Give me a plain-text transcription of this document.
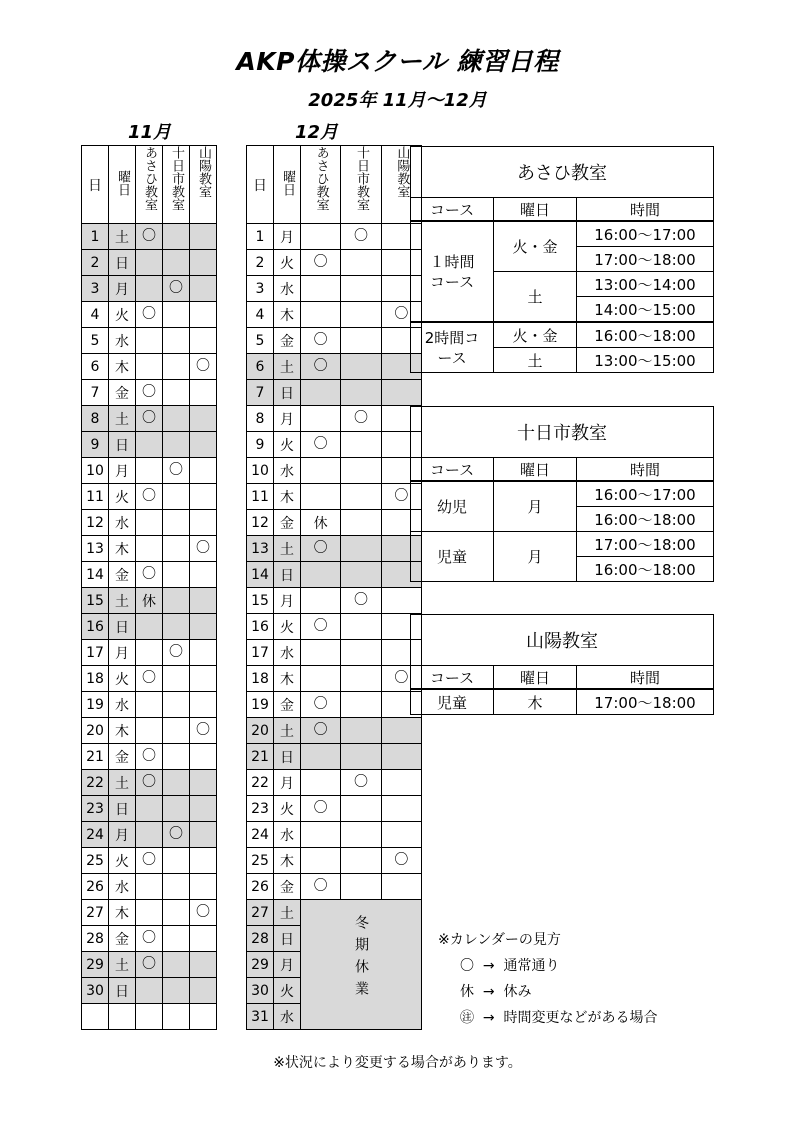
AKP体操スクール 練習日程
2025年 11月～12月
11月	12月
日	曜日	あさひ教室	十日市教室	山陽教室
1	土	〇		
2	日			
3	月		〇	
4	火	〇		
5	水			
6	木			〇
7	金	〇		
8	土	〇		
9	日			
10	月		〇	
11	火	〇		
12	水			
13	木			〇
14	金	〇		
15	土	休		
16	日			
17	月		〇	
18	火	〇		
19	水			
20	木			〇
21	金	〇		
22	土	〇		
23	日			
24	月		〇	
25	火	〇		
26	水			
27	木			〇
28	金	〇		
29	土	〇		
30	日			

日	曜日	あさひ教室	十日市教室	山陽教室
1	月		〇	
2	火	〇		
3	水			
4	木			〇
5	金	〇		
6	土	〇		
7	日			
8	月		〇	
9	火	〇		
10	水			
11	木			〇
12	金	休		
13	土	〇		
14	日			
15	月		〇	
16	火	〇		
17	水			
18	木			〇
19	金	〇		
20	土	〇		
21	日			
22	月		〇	
23	火	〇		
24	水			
25	木			〇
26	金	〇		
27	土	冬期休業		
28	日			
29	月			
30	火			
31	水			
あさひ教室		
コース	曜日	時間
１時間コース	火・金	16:00～17:00
		17:00～18:00
	土	13:00～14:00
		14:00～15:00
2時間コース	火・金	16:00～18:00
	土	13:00～15:00
十日市教室		
コース	曜日	時間
幼児	月	16:00～17:00
		16:00～18:00
児童	月	17:00～18:00
		16:00～18:00
山陽教室		
コース	曜日	時間
児童	木	17:00～18:00
※カレンダーの見方
〇 → 通常通り
休 → 休み
㊟ → 時間変更などがある場合
※状況により変更する場合があります。
